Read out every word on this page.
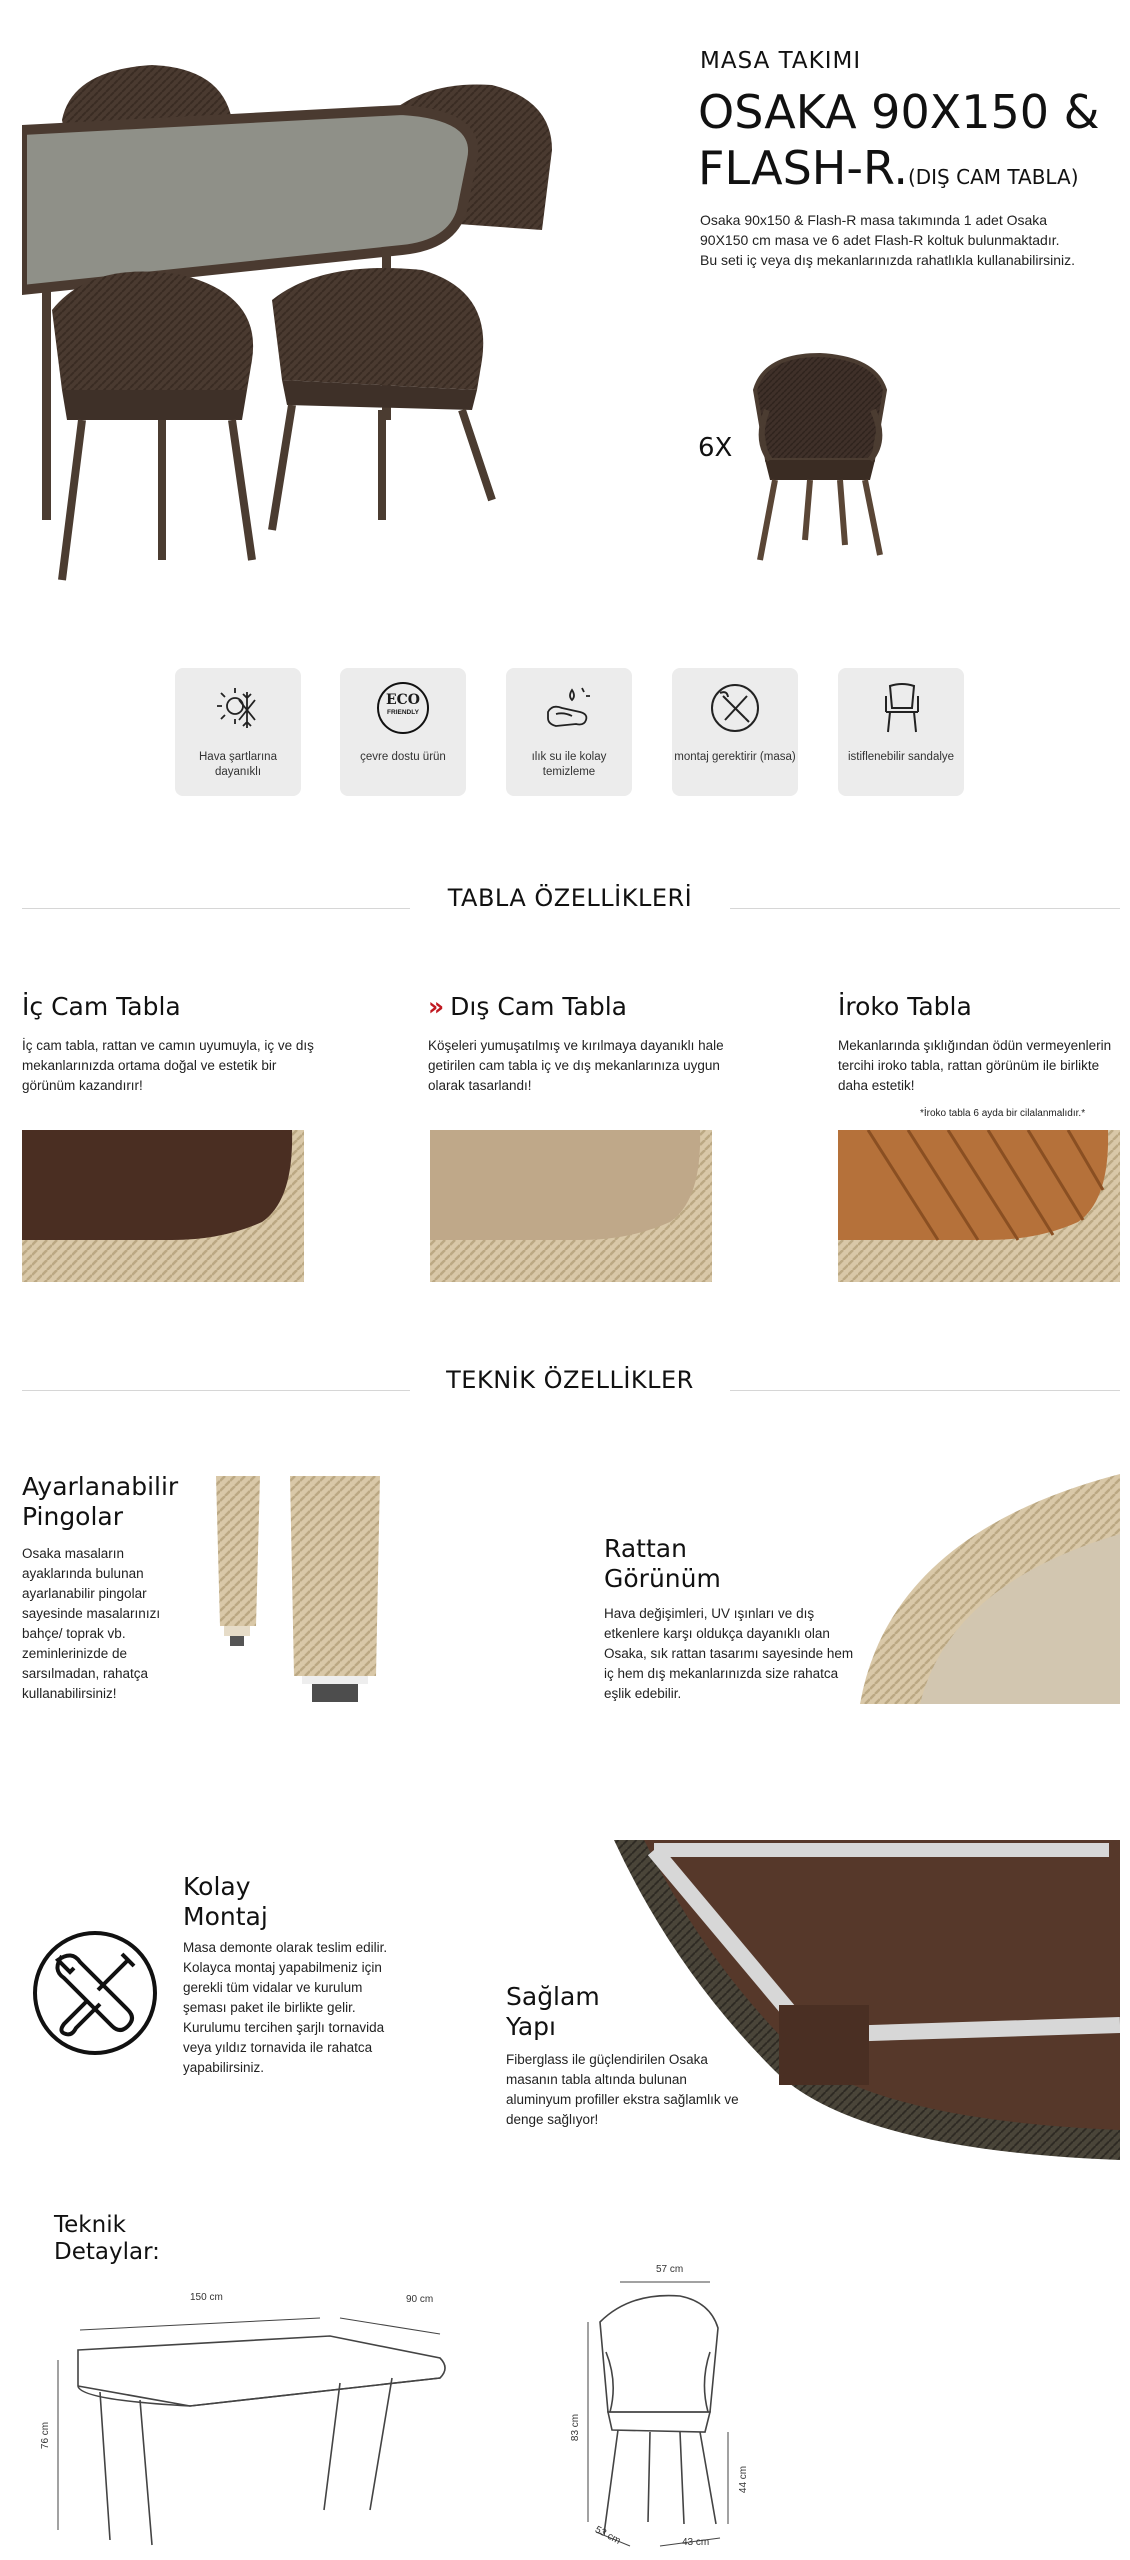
MASA TAKIMI
OSAKA 90X150 &
FLASH-R.(DIŞ CAM TABLA)
Osaka 90x150 & Flash-R masa takımında 1 adet Osaka 90X150 cm masa ve 6 adet Flash-R koltuk bulunmaktadır. Bu seti iç veya dış mekanlarınızda rahatlıkla kullanabilirsiniz.
6X
Hava şartlarına dayanıklı
ECO
FRIENDLY
çevre dostu ürün	ılık su ile kolay temizleme
montaj gerektirir (masa)	istiflenebilir sandalye
TABLA ÖZELLİKLERİ
İç Cam Tabla
İç cam tabla, rattan ve camın uyumuyla, iç ve dış mekanlarınızda ortama doğal ve estetik bir görünüm kazandırır!
» Dış Cam Tabla
Köşeleri yumuşatılmış ve kırılmaya dayanıklı hale getirilen cam tabla iç ve dış mekanlarınıza uygun olarak tasarlandı!
İroko Tabla
Mekanlarında şıklığından ödün vermeyenlerin tercihi iroko tabla, rattan görünüm ile birlikte daha estetik!
*İroko tabla 6 ayda bir cilalanmalıdır.*
TEKNİK ÖZELLİKLER
Ayarlanabilir Pingolar
Osaka masaların ayaklarında bulunan ayarlanabilir pingolar sayesinde masalarınızı bahçe/ toprak vb. zeminlerinizde de sarsılmadan, rahatça kullanabilirsiniz!
Rattan Görünüm
Hava değişimleri, UV ışınları ve dış etkenlere karşı oldukça dayanıklı olan Osaka, sık rattan tasarımı sayesinde hem iç hem dış mekanlarınızda size rahatca eşlik edebilir.
Kolay Montaj
Masa demonte olarak teslim edilir. Kolayca montaj yapabilmeniz için gerekli tüm vidalar ve kurulum şeması paket ile birlikte gelir. Kurulumu tercihen şarjlı tornavida veya yıldız tornavida ile rahatca yapabilirsiniz.
Sağlam Yapı
Fiberglass ile güçlendirilen Osaka masanın tabla altında bulunan aluminyum profiller ekstra sağlamlık ve denge sağlıyor!
Teknik Detaylar:
150 cm	90 cm
76 cm
57 cm
83 cm
44 cm
53 cm	43 cm
